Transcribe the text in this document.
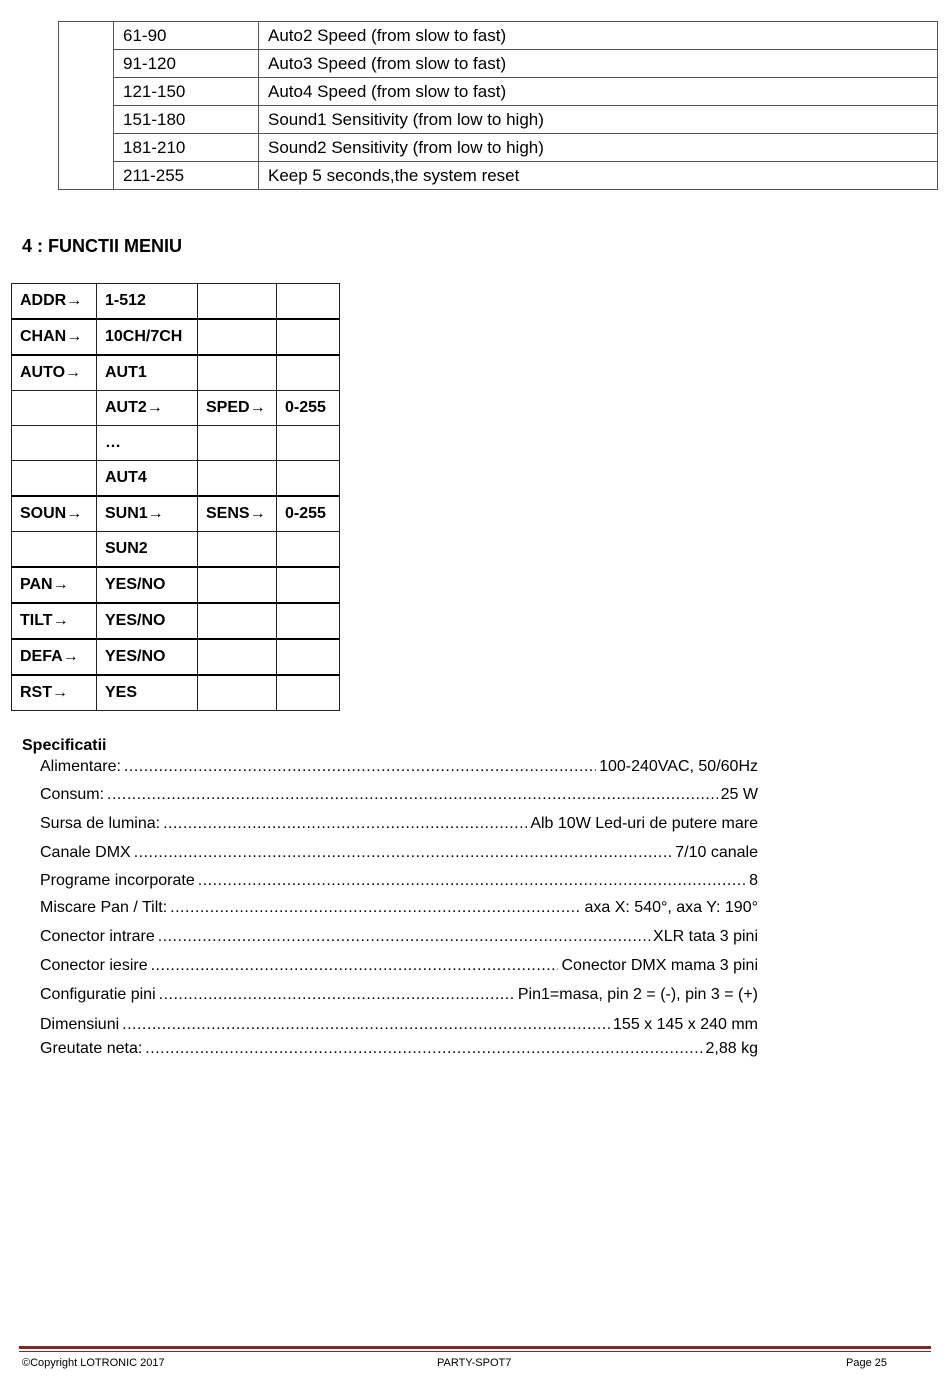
	61-90	Auto2 Speed (from slow to fast)
	91-120	Auto3 Speed (from slow to fast)
	121-150	Auto4 Speed (from slow to fast)
	151-180	Sound1 Sensitivity (from low to high)
	181-210	Sound2 Sensitivity (from low to high)
	211-255	Keep 5 seconds,the system reset
4 : FUNCTII MENIU
ADDR→	1-512		
CHAN→	10CH/7CH		
AUTO→	AUT1		
	AUT2→	SPED→	0-255
	…		
	AUT4		
SOUN→	SUN1→	SENS→	0-255
	SUN2		
PAN→	YES/NO		
TILT→	YES/NO		
DEFA→	YES/NO		
RST→	YES		
Specificatii
Alimentare: .....	100-240VAC, 50/60Hz
Consum: .....	25 W
Sursa de lumina: .....	Alb 10W Led-uri de putere mare
Canale DMX .....	7/10 canale
Programe incorporate .....	8
Miscare Pan / Tilt: .....	axa X: 540°, axa Y: 190°
Conector intrare .....	XLR tata 3 pini
Conector iesire .....	Conector DMX mama 3 pini
Configuratie pini .....	Pin1=masa, pin 2 = (-), pin 3 = (+)
Dimensiuni .....	155 x 145 x 240 mm
Greutate neta: .....	2,88 kg
©Copyright LOTRONIC 2017	PARTY-SPOT7	Page 25
